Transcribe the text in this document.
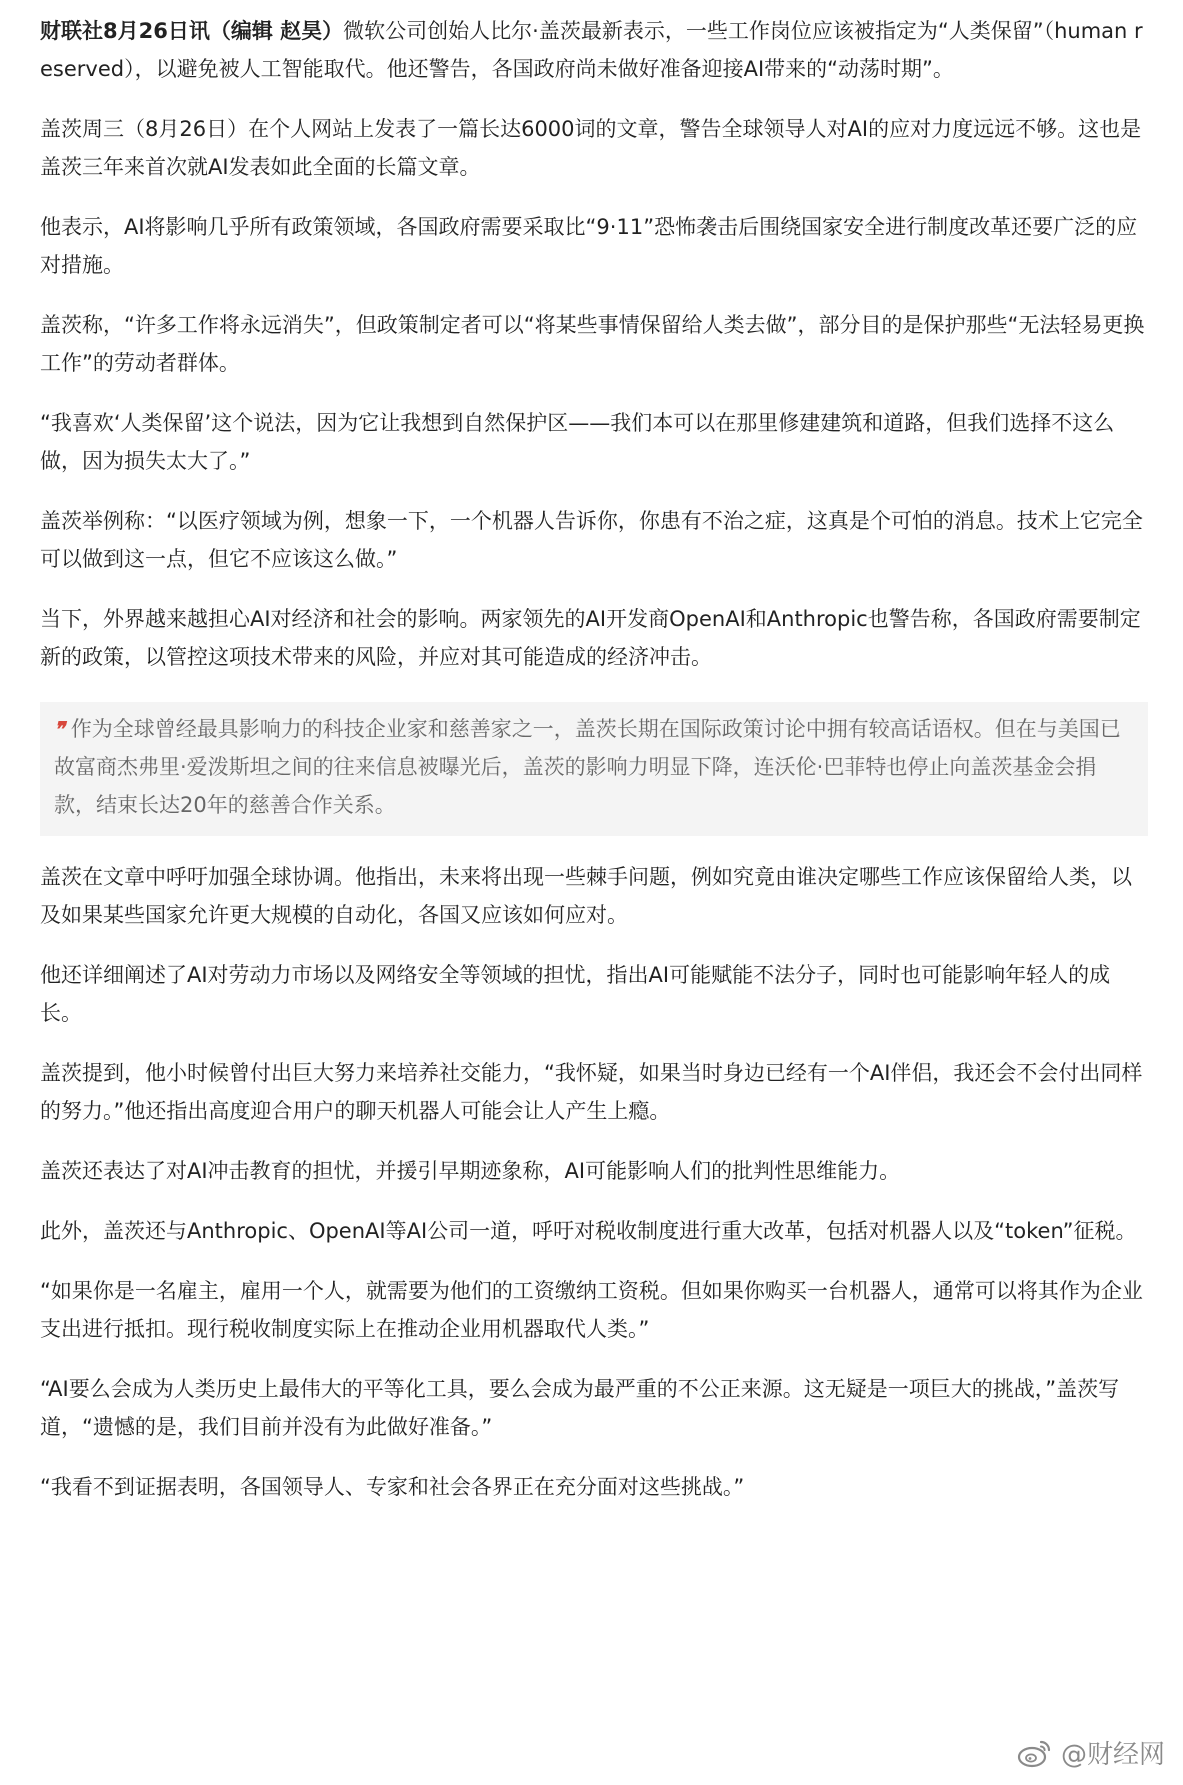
财联社8月26日讯（编辑 赵昊）微软公司创始人比尔·盖茨最新表示，一些工作岗位应该被指定为“人类保留”（human reserved），以避免被人工智能取代。他还警告，各国政府尚未做好准备迎接AI带来的“动荡时期”。

盖茨周三（8月26日）在个人网站上发表了一篇长达6000词的文章，警告全球领导人对AI的应对力度远远不够。这也是盖茨三年来首次就AI发表如此全面的长篇文章。

他表示，AI将影响几乎所有政策领域，各国政府需要采取比“9·11”恐怖袭击后围绕国家安全进行制度改革还要广泛的应对措施。

盖茨称，“许多工作将永远消失”，但政策制定者可以“将某些事情保留给人类去做”，部分目的是保护那些“无法轻易更换工作”的劳动者群体。

“我喜欢‘人类保留’这个说法，因为它让我想到自然保护区——我们本可以在那里修建建筑和道路，但我们选择不这么做，因为损失太大了。”

盖茨举例称：“以医疗领域为例，想象一下，一个机器人告诉你，你患有不治之症，这真是个可怕的消息。技术上它完全可以做到这一点，但它不应该这么做。”

当下，外界越来越担心AI对经济和社会的影响。两家领先的AI开发商OpenAI和Anthropic也警告称，各国政府需要制定新的政策，以管控这项技术带来的风险，并应对其可能造成的经济冲击。

❞ 作为全球曾经最具影响力的科技企业家和慈善家之一，盖茨长期在国际政策讨论中拥有较高话语权。但在与美国已故富商杰弗里·爱泼斯坦之间的往来信息被曝光后，盖茨的影响力明显下降，连沃伦·巴菲特也停止向盖茨基金会捐款，结束长达20年的慈善合作关系。

盖茨在文章中呼吁加强全球协调。他指出，未来将出现一些棘手问题，例如究竟由谁决定哪些工作应该保留给人类，以及如果某些国家允许更大规模的自动化，各国又应该如何应对。

他还详细阐述了AI对劳动力市场以及网络安全等领域的担忧，指出AI可能赋能不法分子，同时也可能影响年轻人的成长。

盖茨提到，他小时候曾付出巨大努力来培养社交能力，“我怀疑，如果当时身边已经有一个AI伴侣，我还会不会付出同样的努力。”他还指出高度迎合用户的聊天机器人可能会让人产生上瘾。

盖茨还表达了对AI冲击教育的担忧，并援引早期迹象称，AI可能影响人们的批判性思维能力。

此外，盖茨还与Anthropic、OpenAI等AI公司一道，呼吁对税收制度进行重大改革，包括对机器人以及“token”征税。

“如果你是一名雇主，雇用一个人，就需要为他们的工资缴纳工资税。但如果你购买一台机器人，通常可以将其作为企业支出进行抵扣。现行税收制度实际上在推动企业用机器取代人类。”

“AI要么会成为人类历史上最伟大的平等化工具，要么会成为最严重的不公正来源。这无疑是一项巨大的挑战，”盖茨写道，“遗憾的是，我们目前并没有为此做好准备。”

“我看不到证据表明，各国领导人、专家和社会各界正在充分面对这些挑战。”

@财经网
